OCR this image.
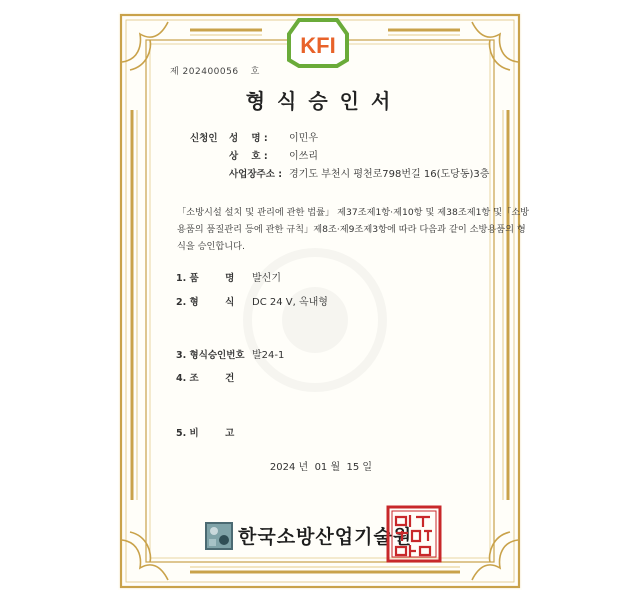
KFI
제 202400056 호
형식승인서
신청인 성    명 : 이민우
상    호 : 이쓰리
사업장주소 : 경기도 부천시 평천로798번길 16(도당동)3층
「소방시설 설치 및 관리에 관한 법률」 제37조제1항·제10항 및 제38조제1항 및「소방
용품의 품질관리 등에 관한 규칙」제8조·제9조제3항에 따라 다음과 같이 소방용품의 형
식을 승인합니다.
1. 품        명 발신기
2. 형        식 DC 24 V, 옥내형
3. 형식승인번호 발24-1
4. 조        건
5. 비        고
2024 년  01 월  15 일
한국소방산업기술원
